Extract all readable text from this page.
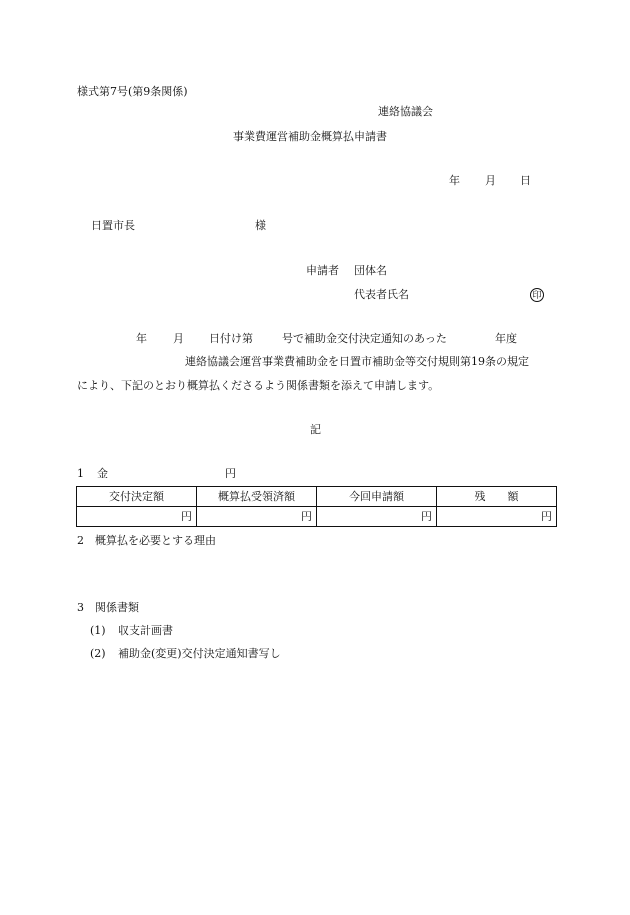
様式第7号(第9条関係)
連絡協議会
事業費運営補助金概算払申請書
年 月 日
日置市長	様
申請者 団体名
代表者氏名	印
年 月 日付け第	号で補助金交付決定通知のあった	年度
連絡協議会運営事業費補助金を日置市補助金等交付規則第19条の規定
により、下記のとおり概算払くださるよう関係書類を添えて申請します。
記
1 金	円
交付決定額	概算払受領済額	今回申請額	残　　額
円	円	円	円
2 概算払を必要とする理由
3 関係書類
(1) 収支計画書
(2) 補助金(変更)交付決定通知書写し
